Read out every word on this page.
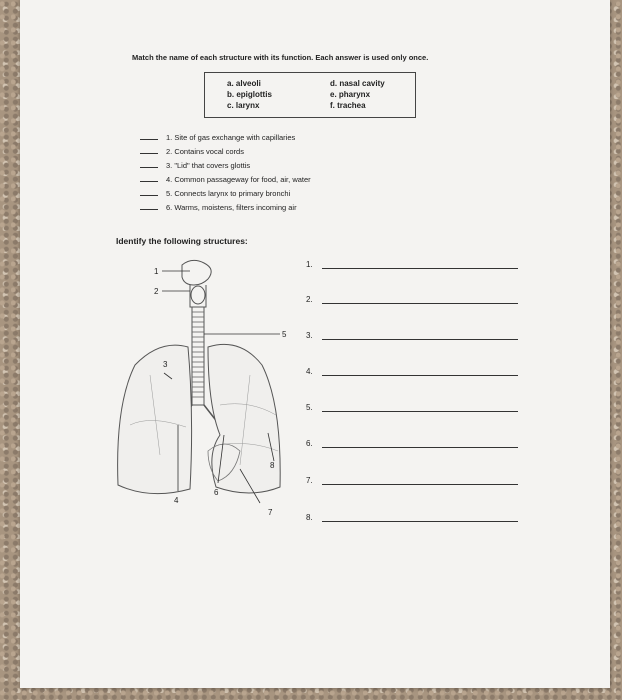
Match the name of each structure with its function. Each answer is used only once.
a. alveoli
b. epiglottis
c. larynx
d. nasal cavity
e. pharynx
f. trachea
1. Site of gas exchange with capillaries
2. Contains vocal cords
3. "Lid" that covers glottis
4. Common passageway for food, air, water
5. Connects larynx to primary bronchi
6. Warms, moistens, filters incoming air
Identify the following structures:
1
2
3
4
5
6
7
8
1.
2.
3.
4.
5.
6.
7.
8.
